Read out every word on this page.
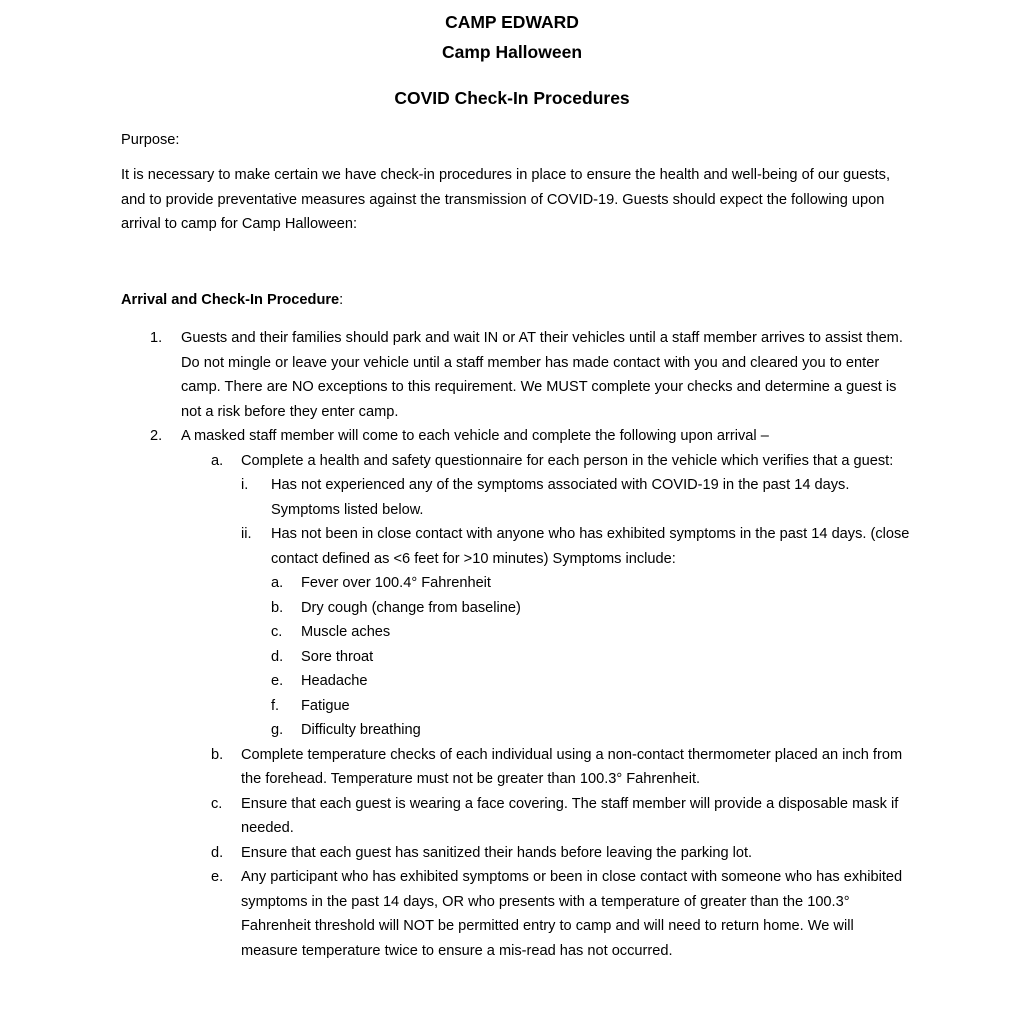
CAMP EDWARD
Camp Halloween
COVID Check-In Procedures
Purpose:
It is necessary to make certain we have check-in procedures in place to ensure the health and well-being of our guests, and to provide preventative measures against the transmission of COVID-19. Guests should expect the following upon arrival to camp for Camp Halloween:
Arrival and Check-In Procedure:
1. Guests and their families should park and wait IN or AT their vehicles until a staff member arrives to assist them. Do not mingle or leave your vehicle until a staff member has made contact with you and cleared you to enter camp. There are NO exceptions to this requirement. We MUST complete your checks and determine a guest is not a risk before they enter camp.
2. A masked staff member will come to each vehicle and complete the following upon arrival –
a. Complete a health and safety questionnaire for each person in the vehicle which verifies that a guest:
i. Has not experienced any of the symptoms associated with COVID-19 in the past 14 days. Symptoms listed below.
ii. Has not been in close contact with anyone who has exhibited symptoms in the past 14 days. (close contact defined as <6 feet for >10 minutes) Symptoms include:
a. Fever over 100.4° Fahrenheit
b. Dry cough (change from baseline)
c. Muscle aches
d. Sore throat
e. Headache
f. Fatigue
g. Difficulty breathing
b. Complete temperature checks of each individual using a non-contact thermometer placed an inch from the forehead. Temperature must not be greater than 100.3° Fahrenheit.
c. Ensure that each guest is wearing a face covering. The staff member will provide a disposable mask if needed.
d. Ensure that each guest has sanitized their hands before leaving the parking lot.
e. Any participant who has exhibited symptoms or been in close contact with someone who has exhibited symptoms in the past 14 days, OR who presents with a temperature of greater than the 100.3° Fahrenheit threshold will NOT be permitted entry to camp and will need to return home. We will measure temperature twice to ensure a mis-read has not occurred.
